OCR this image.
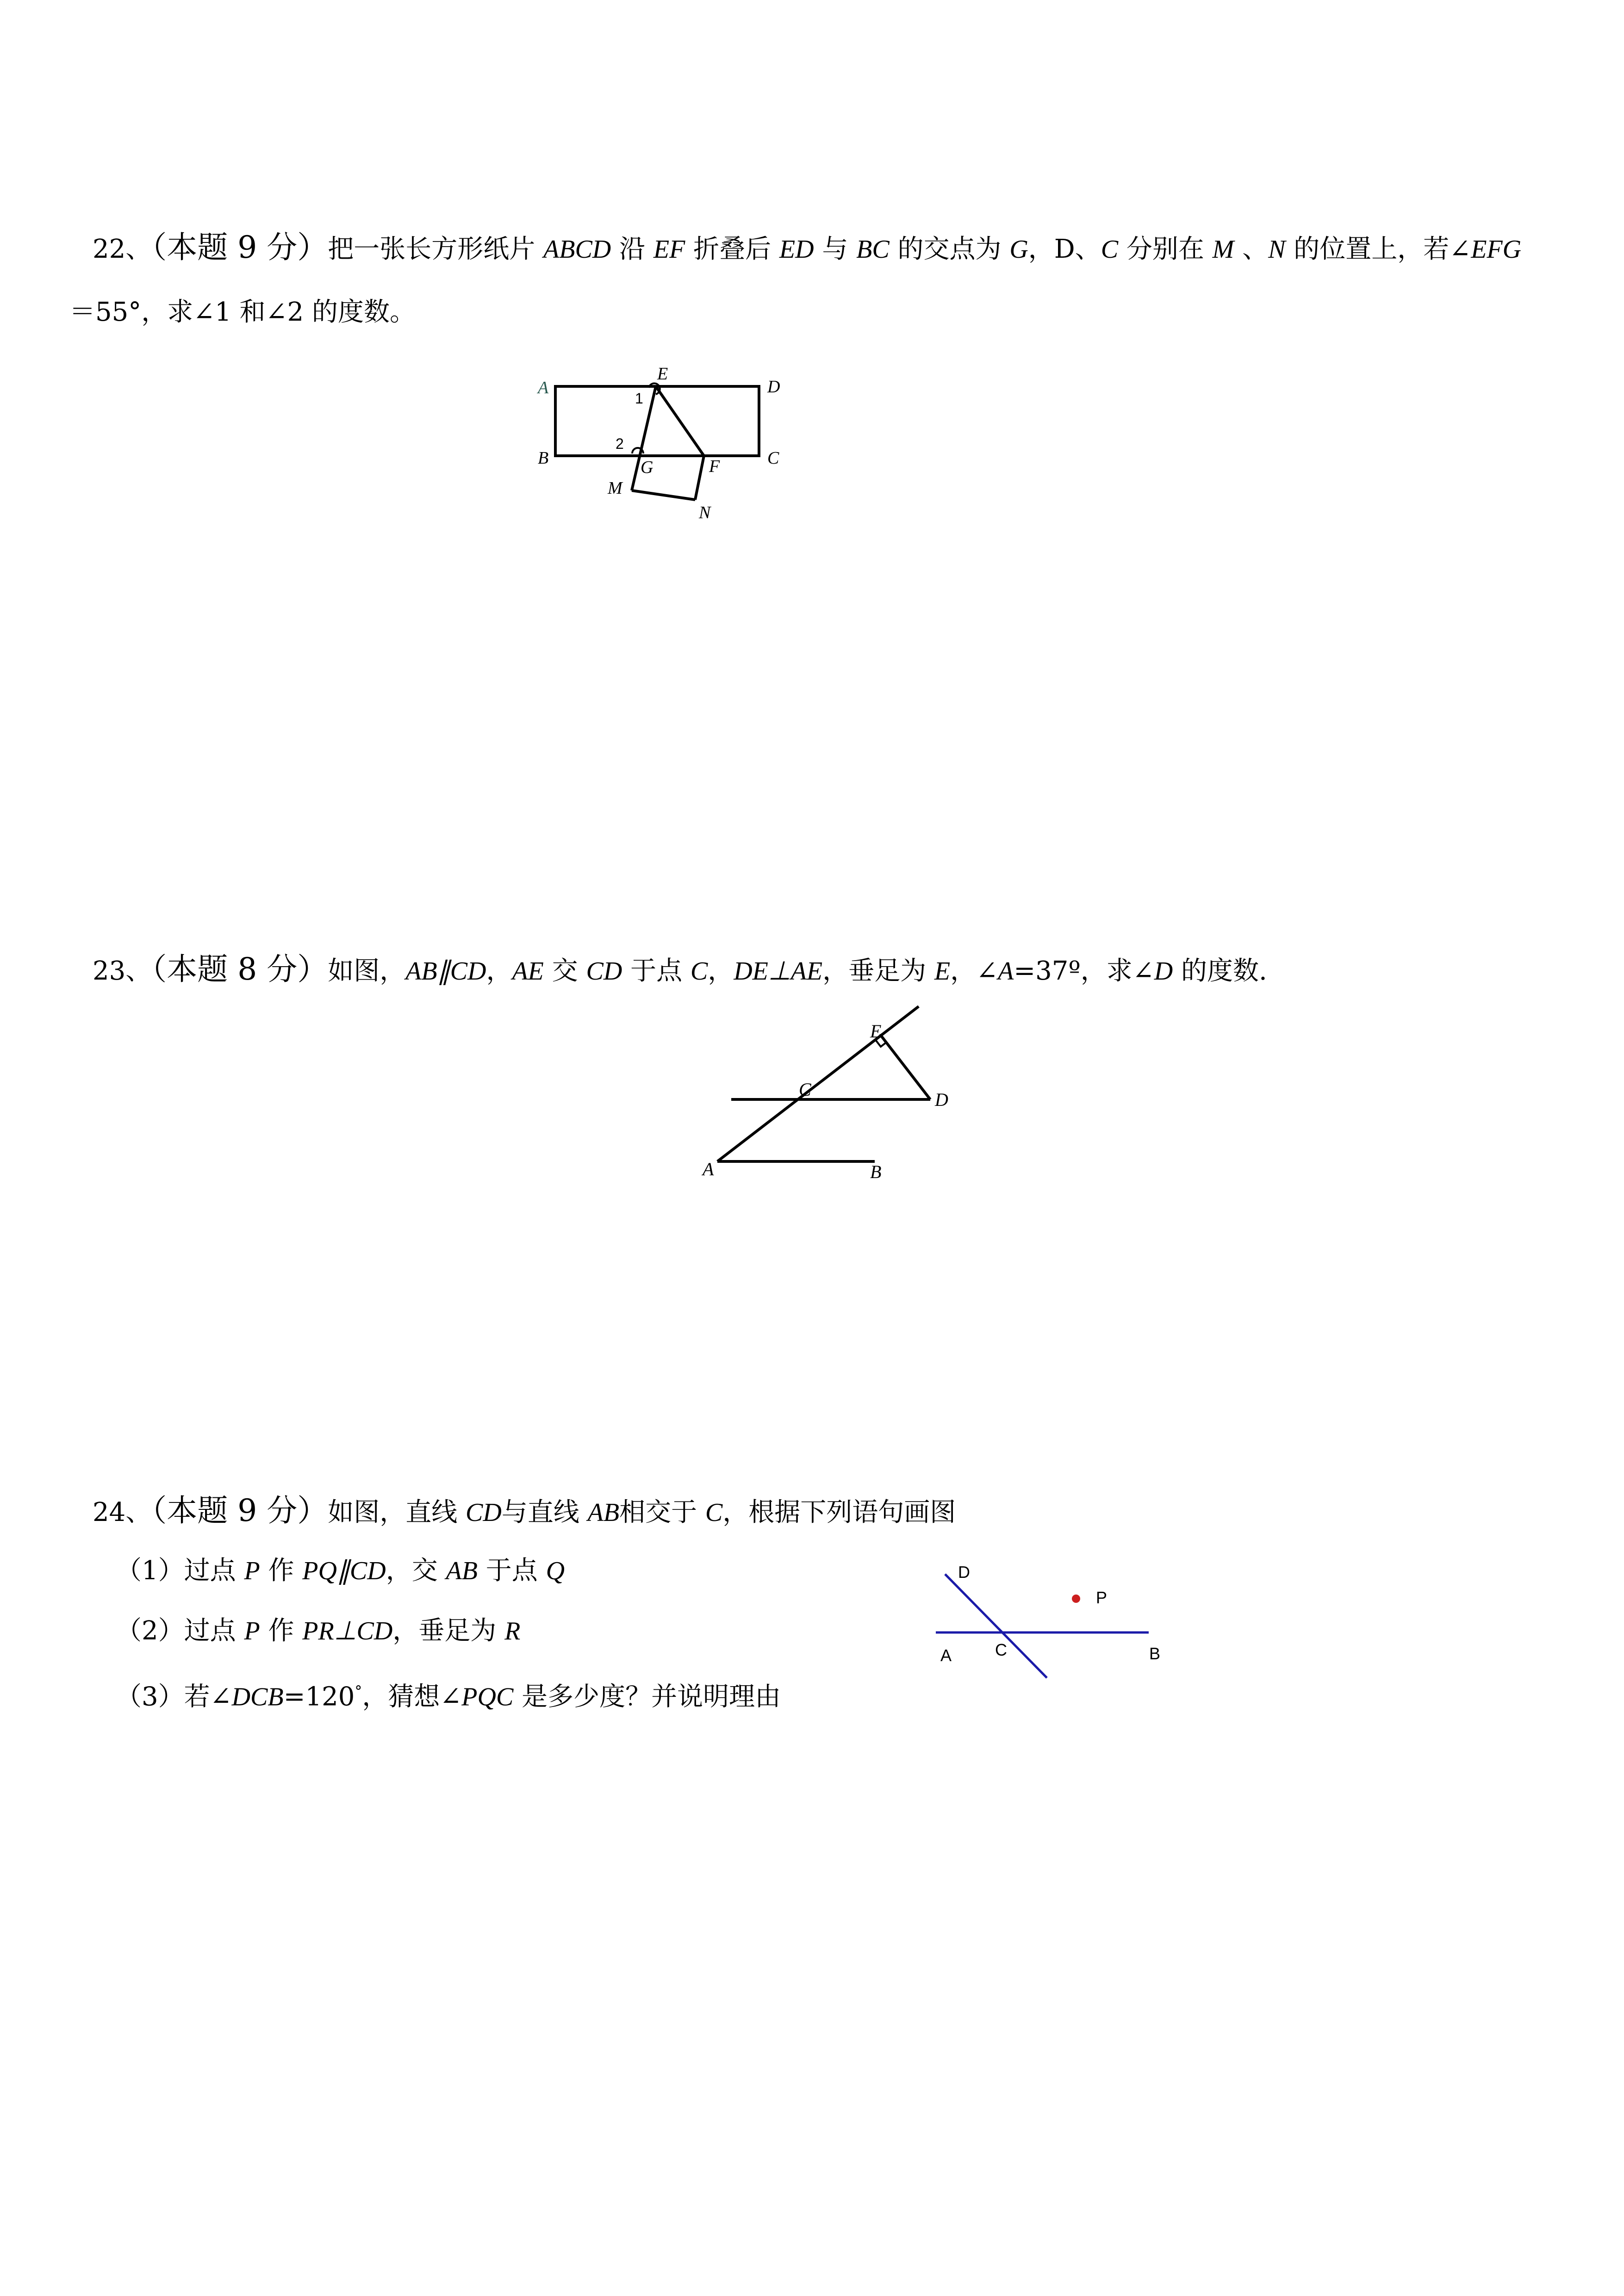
22、（本题 9 分）把一张长方形纸片 ABCD 沿 EF 折叠后 ED 与 BC 的交点为 G，D、C 分别在 M 、N 的位置上，若∠EFG
＝55°，求∠1 和∠2 的度数。
A
B	C
D
E
F
G
M
N
1
2
23、（本题 8 分）如图，AB∥CD，AE 交 CD 于点 C，DE⊥AE，垂足为 E，∠A=37º，求∠D 的度数.
A	B
C	D
E
24、（本题 9 分）如图，直线 CD与直线 AB相交于 C，根据下列语句画图
（1）过点 P 作 PQ∥CD，交 AB 于点 Q
（2）过点 P 作 PR⊥CD，垂足为 R
（3）若∠DCB=120°，猜想∠PQC 是多少度？并说明理由
A	B
C
D
P
